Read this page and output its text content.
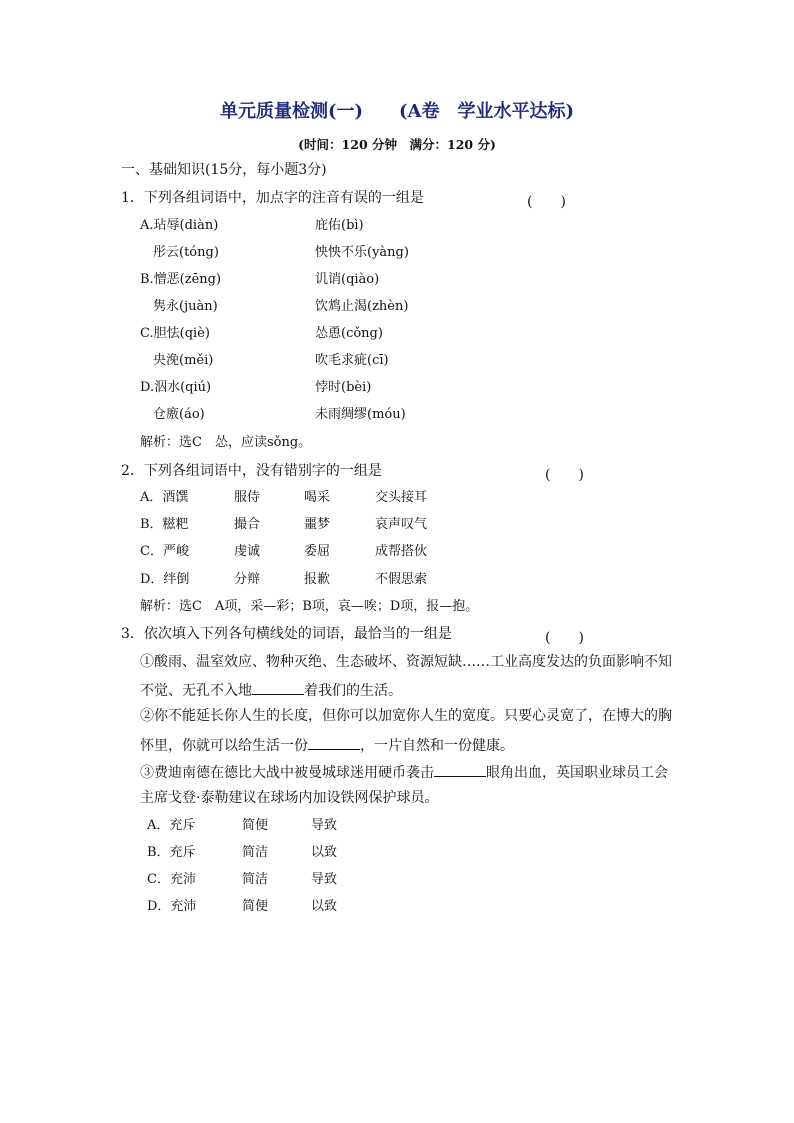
单元质量检测(一)　　(A卷　学业水平达标)
(时间：120 分钟　满分：120 分)
一、基础知识(15分，每小题3分)
1．下列各组词语中，加点字的注音有误的一组是	(　　)
A.玷辱(diàn)	庇佑(bì)
彤云(tóng)	怏怏不乐(yàng)
B.憎恶(zēng)	讥诮(qiào)
隽永(juàn)	饮鸩止渴(zhèn)
C.胆怯(qiè)	怂恿(cǒng)
央浼(měi)	吹毛求疵(cī)
D.泅水(qiú)	悖时(bèi)
仓廒(áo)	未雨绸缪(móu)
解析：选C　怂，应读sǒng。
2．下列各组词语中，没有错别字的一组是	(　　)
A．酒馔	服侍	喝采	交头接耳
B．糍粑	撮合	噩梦	哀声叹气
C．严峻	虔诚	委屈	成帮搭伙
D．绊倒	分辩	报歉	不假思索
解析：选C　A项，采—彩；B项，哀—唉；D项，报—抱。
3．依次填入下列各句横线处的词语，最恰当的一组是	(　　)
①酸雨、温室效应、物种灭绝、生态破坏、资源短缺……工业高度发达的负面影响不知
不觉、无孔不入地	着我们的生活。
②你不能延长你人生的长度，但你可以加宽你人生的宽度。只要心灵宽了，在博大的胸
怀里，你就可以给生活一份	，一片自然和一份健康。
③费迪南德在德比大战中被曼城球迷用硬币袭击	眼角出血，英国职业球员工会
主席戈登·泰勒建议在球场内加设铁网保护球员。
A．充斥	简便	导致
B．充斥	简洁	以致
C．充沛	简洁	导致
D．充沛	简便	以致
